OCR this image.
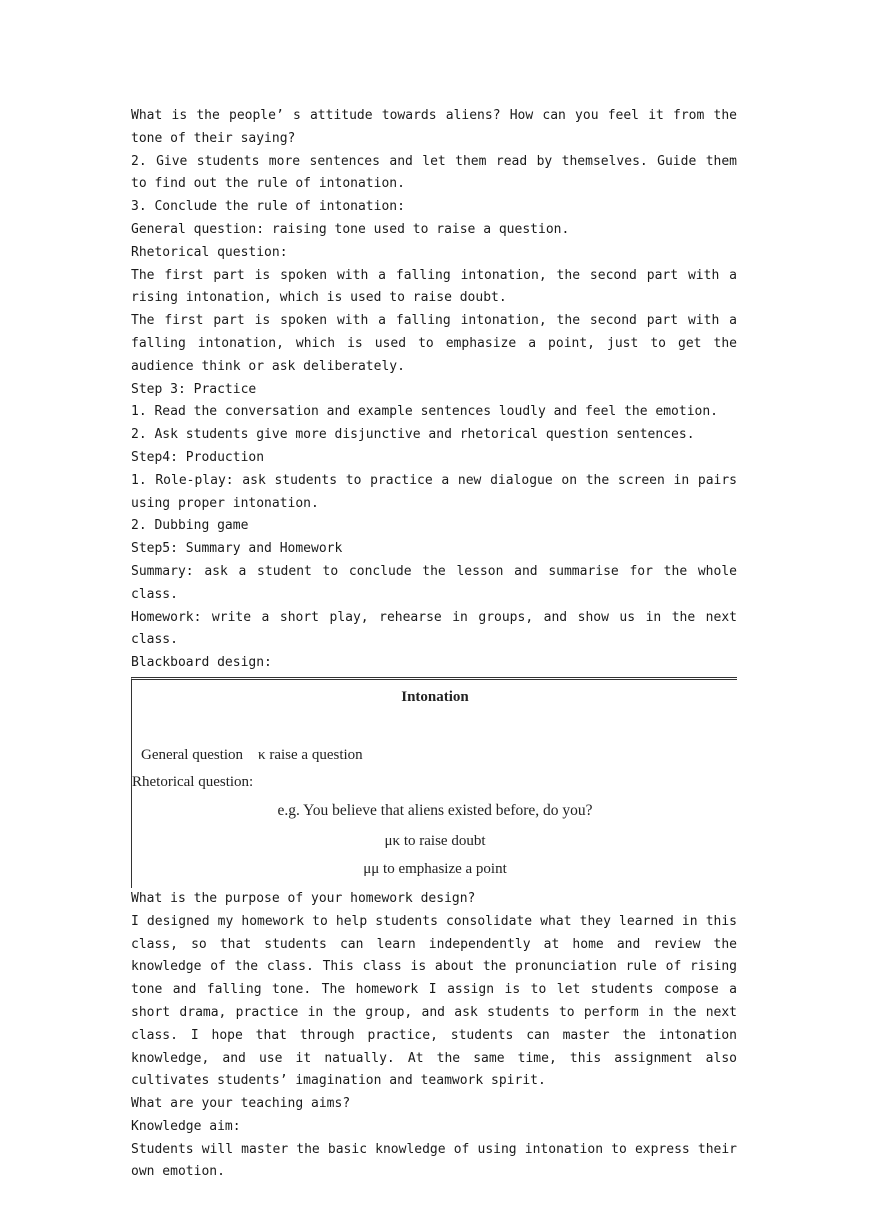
What is the people’ s attitude towards aliens? How can you feel it from the tone of their saying?

2. Give students more sentences and let them read by themselves. Guide them to find out the rule of intonation.

3. Conclude the rule of intonation:

General question: raising tone used to raise a question.

Rhetorical question:

The first part is spoken with a falling intonation, the second part with a rising intonation, which is used to raise doubt.

The first part is spoken with a falling intonation, the second part with a falling intonation, which is used to emphasize a point, just to get the audience think or ask deliberately.

Step 3: Practice

1. Read the conversation and example sentences loudly and feel the emotion.

2. Ask students give more disjunctive and rhetorical question sentences.

Step4: Production

1. Role-play: ask students to practice a new dialogue on the screen in pairs using proper intonation.

2. Dubbing game

Step5: Summary and Homework

Summary: ask a student to conclude the lesson and summarise for the whole class.

Homework: write a short play, rehearse in groups, and show us in the next class.

Blackboard design:

Intonation
General question    κ raise a question
Rhetorical question:
e.g. You believe that aliens existed before, do you?
μκ to raise doubt
μμ to emphasize a point

What is the purpose of your homework design?

I designed my homework to help students consolidate what they learned in this class, so that students can learn independently at home and review the knowledge of the class. This class is about the pronunciation rule of rising tone and falling tone. The homework I assign is to let students compose a short drama, practice in the group, and ask students to perform in the next class. I hope that through practice, students can master the intonation knowledge, and use it natually. At the same time, this assignment also cultivates students’ imagination and teamwork spirit.

What are your teaching aims?

Knowledge aim:

Students will master the basic knowledge of using intonation to express their own emotion.
